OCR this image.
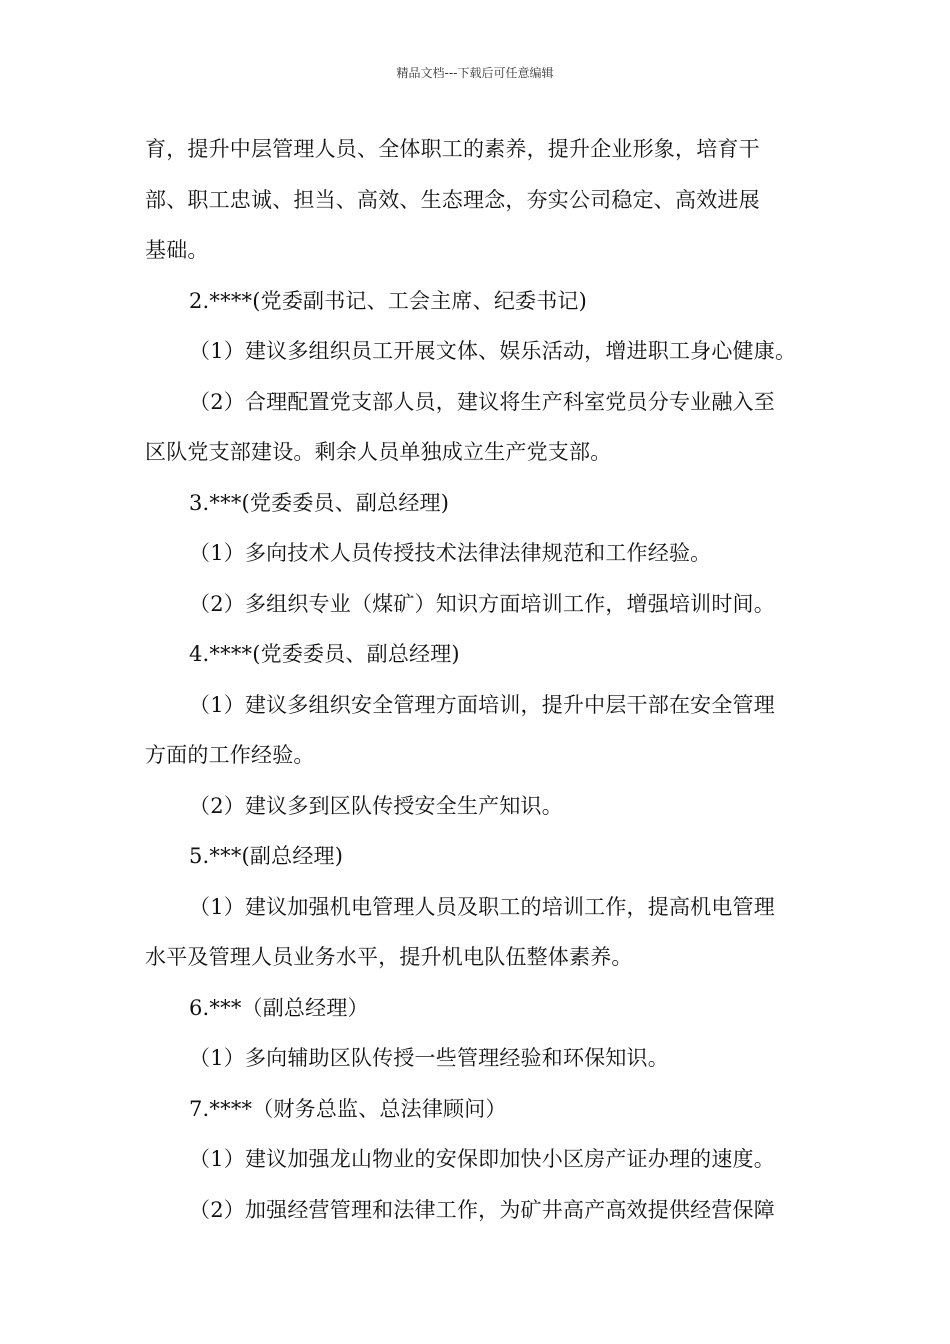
精品文档---下载后可任意编辑
育，提升中层管理人员、全体职工的素养，提升企业形象，培育干
部、职工忠诚、担当、高效、生态理念，夯实公司稳定、高效进展
基础。
2.****(党委副书记、工会主席、纪委书记)
（1）建议多组织员工开展文体、娱乐活动，增进职工身心健康。
（2）合理配置党支部人员，建议将生产科室党员分专业融入至
区队党支部建设。剩余人员单独成立生产党支部。
3.***(党委委员、副总经理)
（1）多向技术人员传授技术法律法律规范和工作经验。
（2）多组织专业（煤矿）知识方面培训工作，增强培训时间。
4.****(党委委员、副总经理)
（1）建议多组织安全管理方面培训，提升中层干部在安全管理
方面的工作经验。
（2）建议多到区队传授安全生产知识。
5.***(副总经理)
（1）建议加强机电管理人员及职工的培训工作，提高机电管理
水平及管理人员业务水平，提升机电队伍整体素养。
6.***（副总经理）
（1）多向辅助区队传授一些管理经验和环保知识。
7.****（财务总监、总法律顾问）
（1）建议加强龙山物业的安保即加快小区房产证办理的速度。
（2）加强经营管理和法律工作，为矿井高产高效提供经营保障
